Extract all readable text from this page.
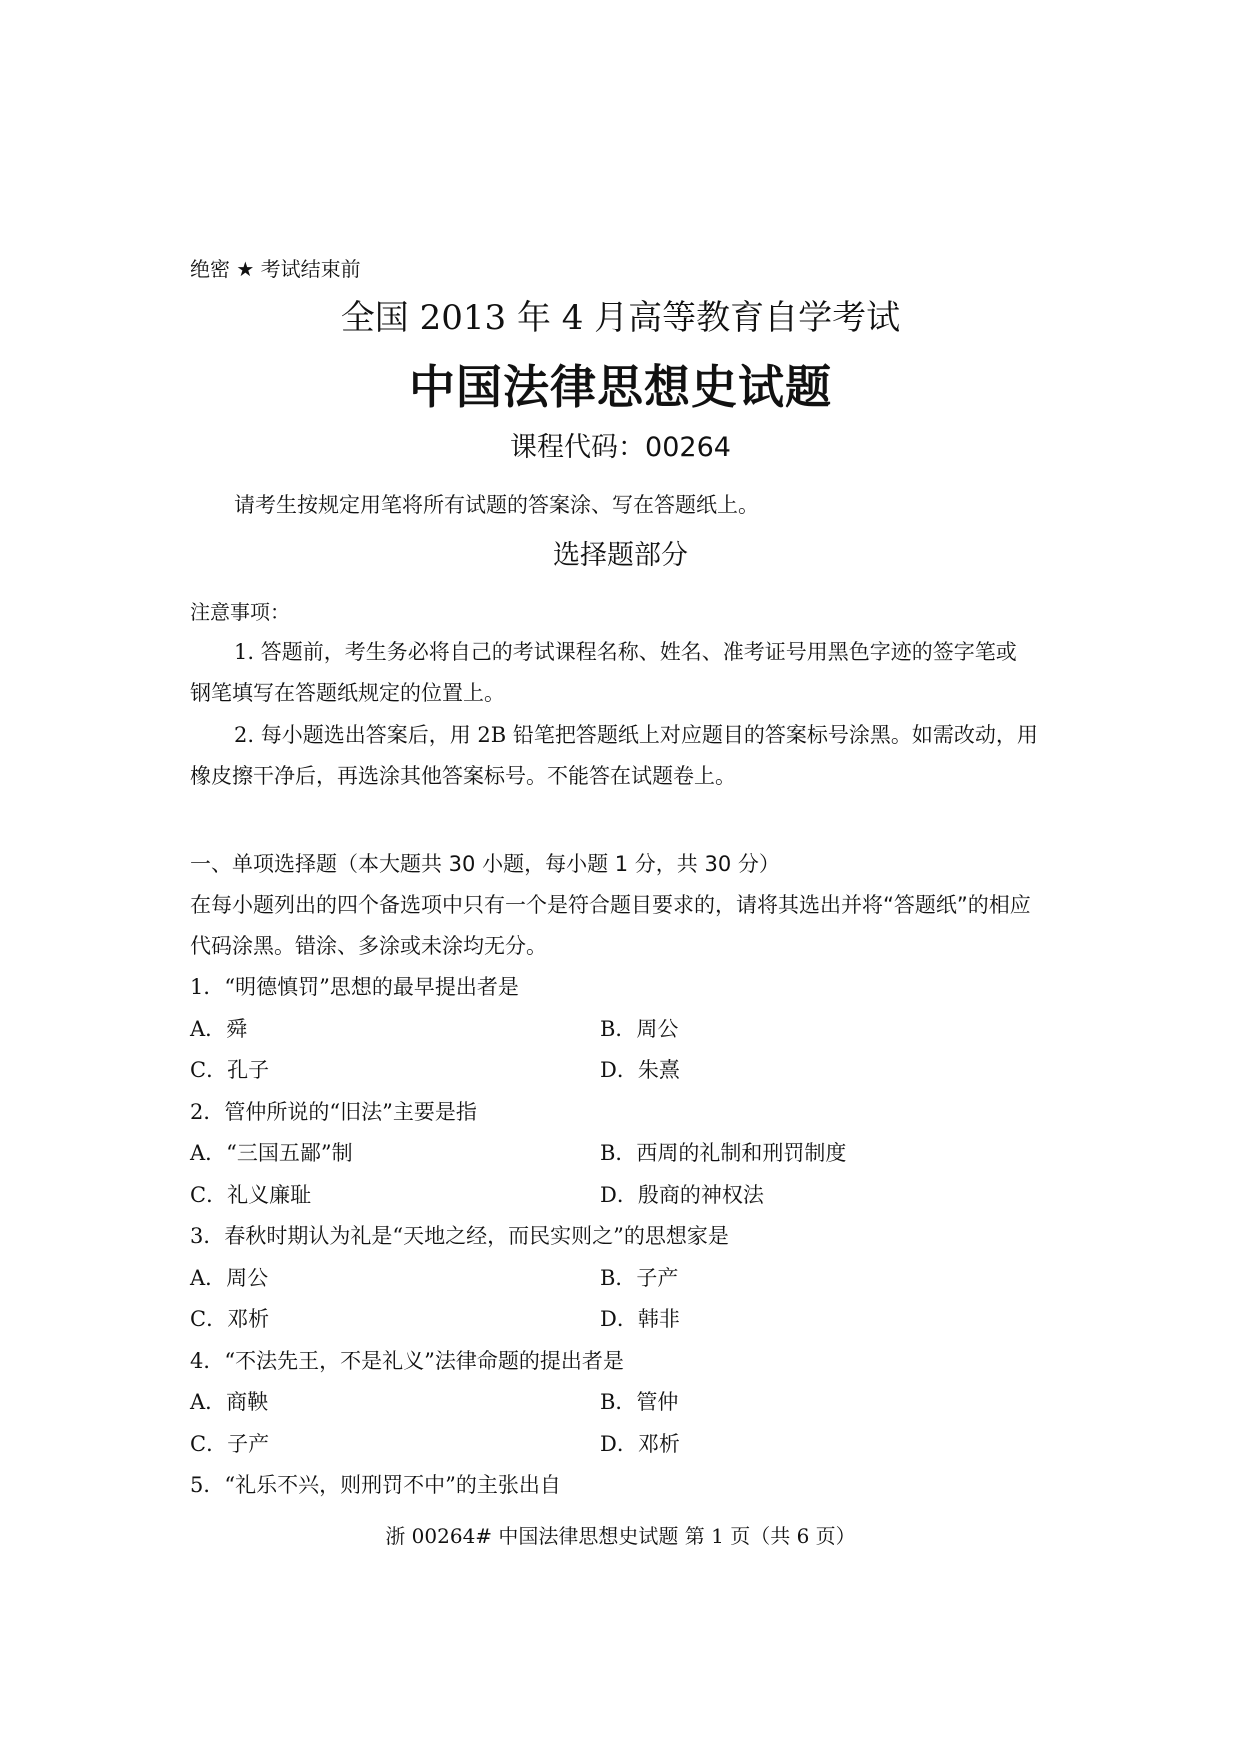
绝密 ★ 考试结束前
全国 2013 年 4 月高等教育自学考试
中国法律思想史试题
课程代码：00264
请考生按规定用笔将所有试题的答案涂、写在答题纸上。
选择题部分
注意事项：
1. 答题前，考生务必将自己的考试课程名称、姓名、准考证号用黑色字迹的签字笔或
钢笔填写在答题纸规定的位置上。
2. 每小题选出答案后，用 2B 铅笔把答题纸上对应题目的答案标号涂黑。如需改动，用
橡皮擦干净后，再选涂其他答案标号。不能答在试题卷上。
一、单项选择题（本大题共 30 小题，每小题 1 分，共 30 分）
在每小题列出的四个备选项中只有一个是符合题目要求的，请将其选出并将“答题纸”的相应
代码涂黑。错涂、多涂或未涂均无分。
1．“明德慎罚”思想的最早提出者是
A．舜	B．周公
C．孔子	D．朱熹
2．管仲所说的“旧法”主要是指
A．“三国五鄙”制	B．西周的礼制和刑罚制度
C．礼义廉耻	D．殷商的神权法
3．春秋时期认为礼是“天地之经，而民实则之”的思想家是
A．周公	B．子产
C．邓析	D．韩非
4．“不法先王，不是礼义”法律命题的提出者是
A．商鞅	B．管仲
C．子产	D．邓析
5．“礼乐不兴，则刑罚不中”的主张出自
浙 00264# 中国法律思想史试题 第 1 页（共 6 页）
